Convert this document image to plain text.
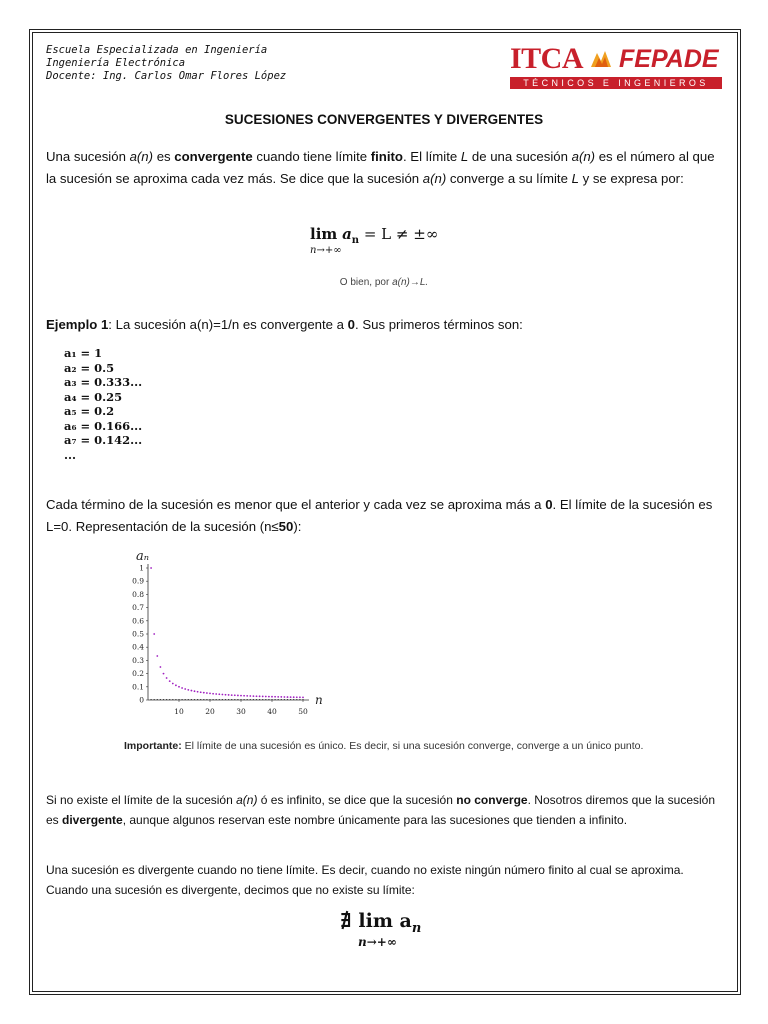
Escuela Especializada en Ingeniería
Ingeniería Electrónica
Docente: Ing. Carlos Omar Flores López
ITCA FEPADE
TÉCNICOS E INGENIEROS
SUCESIONES CONVERGENTES Y DIVERGENTES
Una sucesión a(n) es convergente cuando tiene límite finito. El límite L de una sucesión a(n) es el número al que la sucesión se aproxima cada vez más. Se dice que la sucesión a(n) converge a su límite L y se expresa por:
$\lim a_n = L$ ≠ ±∞
n→+∞
O bien, por a(n)→L.
Ejemplo 1: La sucesión a(n)=1/n es convergente a 0. Sus primeros términos son:
a₁ = 1
a₂ = 0.5
a₃ = 0.333...
a₄ = 0.25
a₅ = 0.2
a₆ = 0.166...
a₇ = 0.142...
...
Cada término de la sucesión es menor que el anterior y cada vez se aproxima más a 0. El límite de la sucesión es L=0. Representación de la sucesión (n≤50):
0
0.1
0.2
0.3
0.4
0.5
0.6
0.7
0.8
0.9
1
10	20	30	40	50
aₙ
n
Importante: El límite de una sucesión es único. Es decir, si una sucesión converge, converge a un único punto.
Si no existe el límite de la sucesión a(n) ó es infinito, se dice que la sucesión no converge. Nosotros diremos que la sucesión es divergente, aunque algunos reservan este nombre únicamente para las sucesiones que tienden a infinito.
Una sucesión es divergente cuando no tiene límite. Es decir, cuando no existe ningún número finito al cual se aproxima. Cuando una sucesión es divergente, decimos que no existe su límite:
∄ $\lim a_n$
n→+∞
